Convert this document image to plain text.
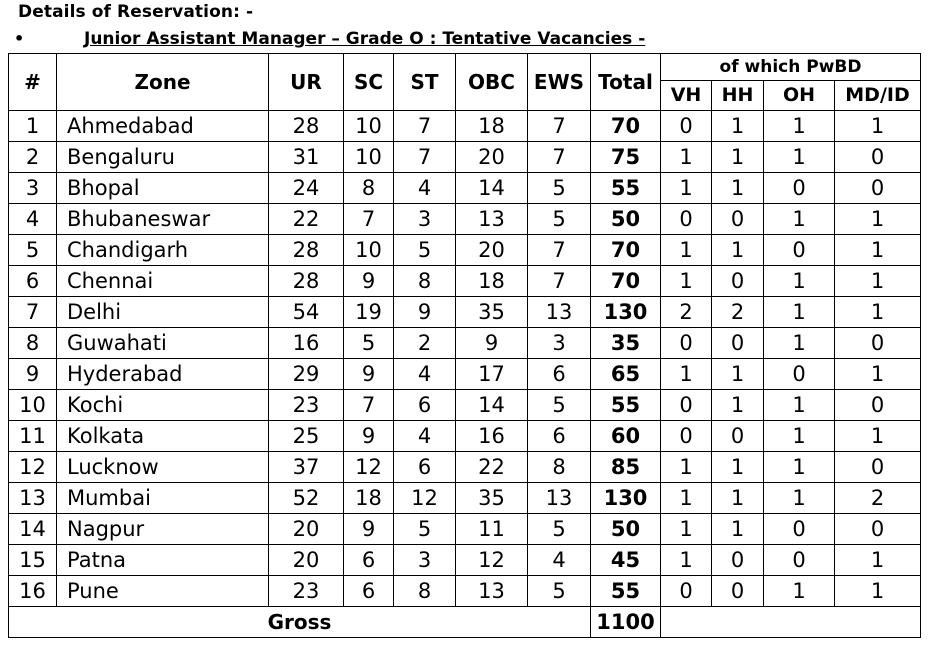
Details of Reservation: -
•	Junior Assistant Manager – Grade O : Tentative Vacancies -
#	Zone	UR	SC	ST	OBC	EWS	Total	of which PwBD			
								VH	HH	OH	MD/ID
1	Ahmedabad	28	10	7	18	7	70	0	1	1	1
2	Bengaluru	31	10	7	20	7	75	1	1	1	0
3	Bhopal	24	8	4	14	5	55	1	1	0	0
4	Bhubaneswar	22	7	3	13	5	50	0	0	1	1
5	Chandigarh	28	10	5	20	7	70	1	1	0	1
6	Chennai	28	9	8	18	7	70	1	0	1	1
7	Delhi	54	19	9	35	13	130	2	2	1	1
8	Guwahati	16	5	2	9	3	35	0	0	1	0
9	Hyderabad	29	9	4	17	6	65	1	1	0	1
10	Kochi	23	7	6	14	5	55	0	1	1	0
11	Kolkata	25	9	4	16	6	60	0	0	1	1
12	Lucknow	37	12	6	22	8	85	1	1	1	0
13	Mumbai	52	18	12	35	13	130	1	1	1	2
14	Nagpur	20	9	5	11	5	50	1	1	0	0
15	Patna	20	6	3	12	4	45	1	0	0	1
16	Pune	23	6	8	13	5	55	0	0	1	1
Gross							1100				
